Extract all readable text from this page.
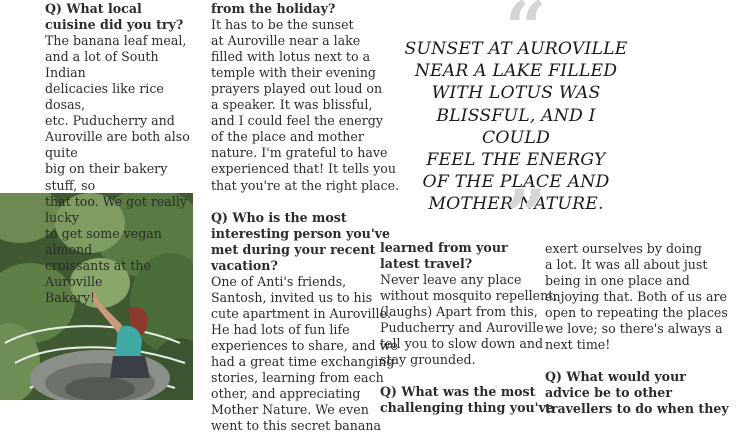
Q) What local cuisine did you try?

The banana leaf meal,

and a lot of South Indian

delicacies like rice dosas,

etc. Puducherry and

Auroville are both also quite

big on their bakery stuff, so

that too. We got really lucky

to get some vegan almond

croissants at the Auroville

Bakery!

from the holiday?

It has to be the sunset

at Auroville near a lake

filled with lotus next to a

temple with their evening

prayers played out loud on

a speaker. It was blissful,

and I could feel the energy

of the place and mother

nature. I'm grateful to have

experienced that! It tells you

that you're at the right place.

Q) Who is the most

interesting person you've

met during your recent

vacation?

One of Anti's friends,

Santosh, invited us to his

cute apartment in Auroville.

He had lots of fun life

experiences to share, and we

had a great time exchanging

stories, learning from each

other, and appreciating

Mother Nature. We even

went to this secret banana

“
SUNSET AT AUROVILLE
NEAR A LAKE FILLED
WITH LOTUS WAS
BLISSFUL, AND I COULD
FEEL THE ENERGY
OF THE PLACE AND
MOTHER NATURE.
”

learned from your latest travel?

Never leave any place

without mosquito repellent.

(laughs) Apart from this,

Puducherry and Auroville

tell you to slow down and

stay grounded.

Q) What was the most

challenging thing you've

exert ourselves by doing

a lot. It was all about just

being in one place and

enjoying that. Both of us are

open to repeating the places

we love; so there's always a

next time!

Q) What would your

advice be to other

travellers to do when they
